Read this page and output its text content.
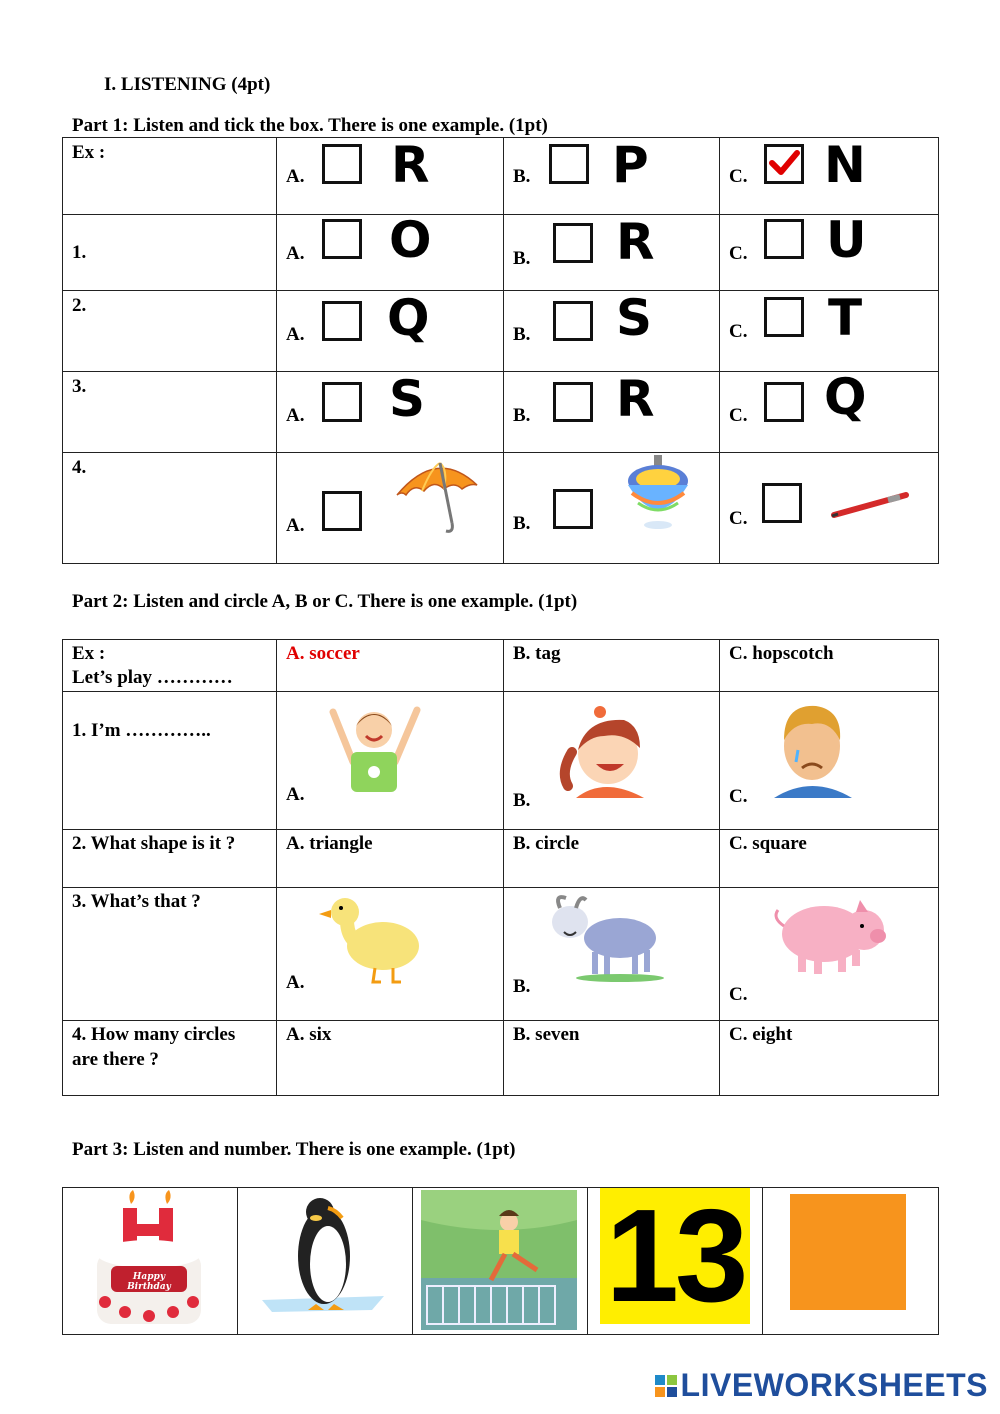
I. LISTENING (4pt)
Part 1: Listen and tick the box. There is one example. (1pt)
Ex :	A. R	B. P	C. N

1.	A. O	B. R	C. U

2.	A. Q	B. S	C. T

3.	A. S	B. R	C. Q

4.	A.	B.	C.
Part 2: Listen and circle A, B or C. There is one example. (1pt)
Ex :
Let’s play …………	A. soccer	B. tag	C. hopscotch

1. I’m …………..	A.	B.	C.

2. What shape is it ?	A. triangle	B. circle	C. square

3. What’s that ?	A.	B.	C.

4. How many circles
are there ?	A. six	B. seven	C. eight
Part 3: Listen and number. There is one example. (1pt)
Happy
Birthday			13

LIVEWORKSHEETS
